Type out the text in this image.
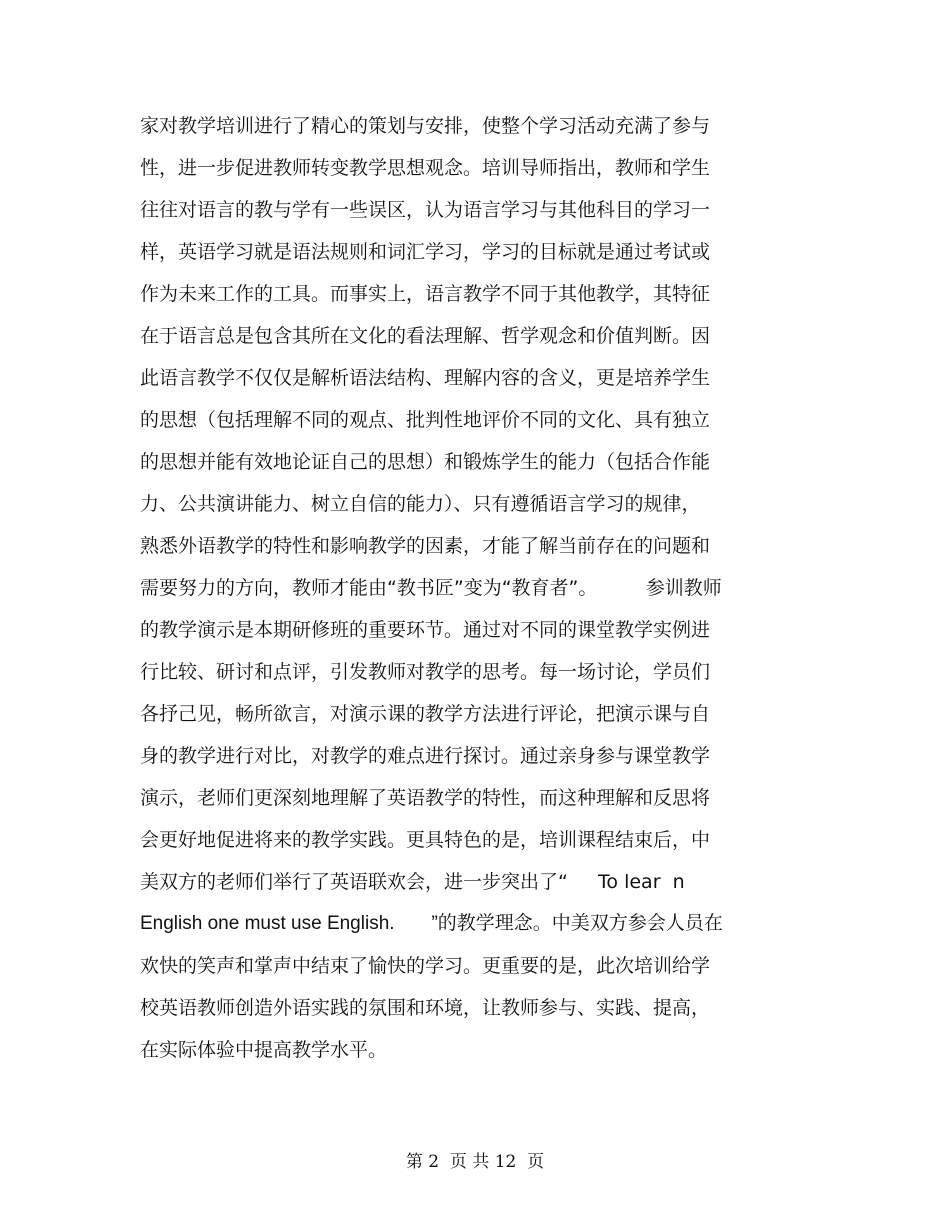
家对教学培训进行了精心的策划与安排，使整个学习活动充满了参与
性，进一步促进教师转变教学思想观念。培训导师指出，教师和学生
往往对语言的教与学有一些误区，认为语言学习与其他科目的学习一
样，英语学习就是语法规则和词汇学习，学习的目标就是通过考试或
作为未来工作的工具。而事实上，语言教学不同于其他教学，其特征
在于语言总是包含其所在文化的看法理解、哲学观念和价值判断。因
此语言教学不仅仅是解析语法结构、理解内容的含义，更是培养学生
的思想（包括理解不同的观点、批判性地评价不同的文化、具有独立
的思想并能有效地论证自己的思想）和锻炼学生的能力（包括合作能
力、公共演讲能力、树立自信的能力）、只有遵循语言学习的规律，
熟悉外语教学的特性和影响教学的因素，才能了解当前存在的问题和
需要努力的方向，教师才能由“教书匠”变为“教育者”。        参训教师
的教学演示是本期研修班的重要环节。通过对不同的课堂教学实例进
行比较、研讨和点评，引发教师对教学的思考。每一场讨论，学员们
各抒己见，畅所欲言，对演示课的教学方法进行评论，把演示课与自
身的教学进行对比，对教学的难点进行探讨。通过亲身参与课堂教学
演示，老师们更深刻地理解了英语教学的特性，而这种理解和反思将
会更好地促进将来的教学实践。更具特色的是，培训课程结束后，中
美双方的老师们举行了英语联欢会，进一步突出了“     To lear  n
English one must use English.       ”的教学理念。中美双方参会人员在
欢快的笑声和掌声中结束了愉快的学习。更重要的是，此次培训给学
校英语教师创造外语实践的氛围和环境，让教师参与、实践、提高，
在实际体验中提高教学水平。
第 2  页 共 12  页
